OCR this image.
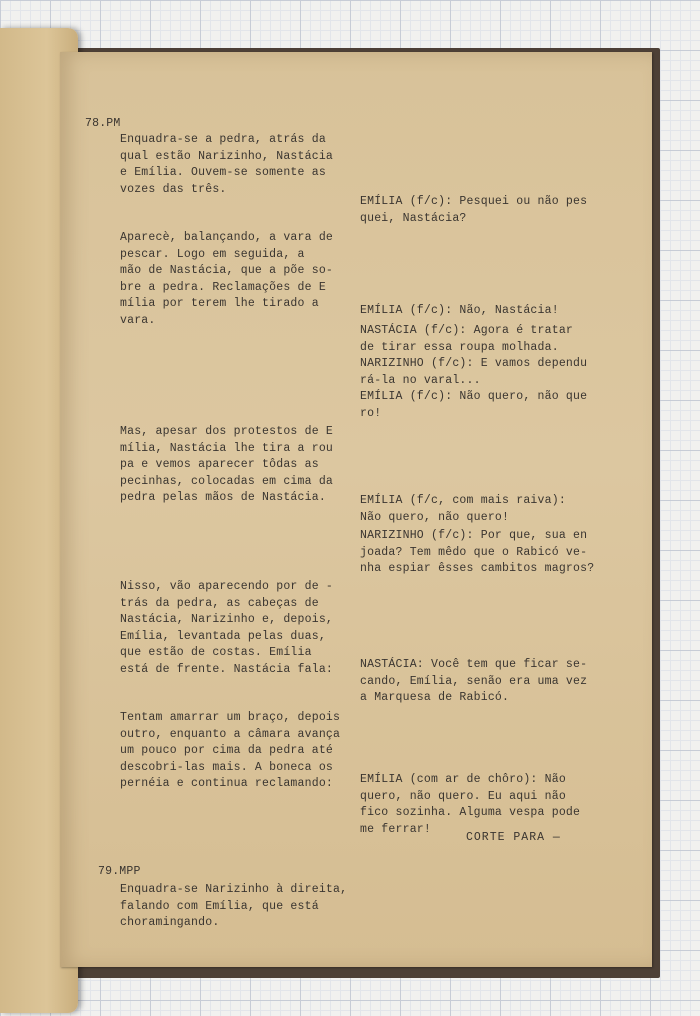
78.PM

Enquadra-se a pedra, atrás da
qual estão Narizinho, Nastácia
e Emília. Ouvem-se somente as
vozes das três.

Aparecè, balançando, a vara de
pescar. Logo em seguida, a
mão de Nastácia, que a põe so-
bre a pedra. Reclamações de E
mília por terem lhe tirado a
vara.

Mas, apesar dos protestos de E
mília, Nastácia lhe tira a rou
pa e vemos aparecer tôdas as
pecinhas, colocadas em cima da
pedra pelas mãos de Nastácia.

Nisso, vão aparecendo por de -
trás da pedra, as cabeças de
Nastácia, Narizinho e, depois,
Emília, levantada pelas duas,
que estão de costas. Emília
está de frente. Nastácia fala:

Tentam amarrar um braço, depois
outro, enquanto a câmara avança
um pouco por cima da pedra até
descobri-las mais. A boneca os
pernéia e continua reclamando:

EMÍLIA (f/c): Pesquei ou não pes
quei, Nastácia?

EMÍLIA (f/c): Não, Nastácia!

NASTÁCIA (f/c): Agora é tratar
de tirar essa roupa molhada.

NARIZINHO (f/c): E vamos dependu
rá-la no varal...

EMÍLIA (f/c): Não quero, não que
ro!

EMÍLIA (f/c, com mais raiva):
Não quero, não quero!

NARIZINHO (f/c): Por que, sua en
joada? Tem mêdo que o Rabicó ve-
nha espiar êsses cambitos magros?

NASTÁCIA: Você tem que ficar se-
cando, Emília, senão era uma vez
a Marquesa de Rabicó.

EMÍLIA (com ar de chôro): Não
quero, não quero. Eu aqui não
fico sozinha. Alguma vespa pode
me ferrar!

CORTE PARA —

79.MPP

Enquadra-se Narizinho à direita,
falando com Emília, que está
choramingando.
